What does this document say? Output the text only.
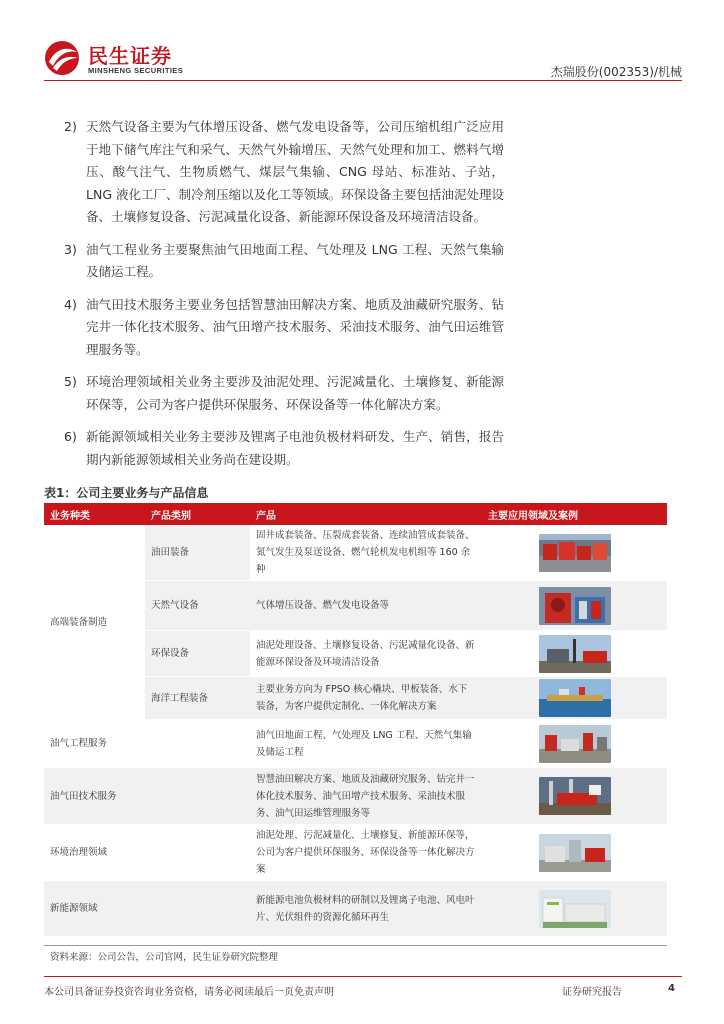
民生证券
MINSHENG SECURITIES	杰瑞股份(002353)/机械
2) 天然气设备主要为气体增压设备、燃气发电设备等，公司压缩机组广泛应用于地下储气库注气和采气、天然气外输增压、天然气处理和加工、燃料气增压、酸气注气、生物质燃气、煤层气集输、CNG 母站、标准站、子站，LNG 液化工厂、制冷剂压缩以及化工等领域。环保设备主要包括油泥处理设备、土壤修复设备、污泥减量化设备、新能源环保设备及环境清洁设备。
3) 油气工程业务主要聚焦油气田地面工程、气处理及 LNG 工程、天然气集输及储运工程。
4) 油气田技术服务主要业务包括智慧油田解决方案、地质及油藏研究服务、钻完井一体化技术服务、油气田增产技术服务、采油技术服务、油气田运维管理服务等。
5) 环境治理领域相关业务主要涉及油泥处理、污泥减量化、土壤修复、新能源环保等，公司为客户提供环保服务、环保设备等一体化解决方案。
6) 新能源领域相关业务主要涉及锂离子电池负极材料研发、生产、销售，报告期内新能源领域相关业务尚在建设期。
表1：公司主要业务与产品信息
业务种类	产品类别	产品	主要应用领域及案例
高端装备制造	油田装备	固井成套装备、压裂成套装备、连续油管成套装备、氮气发生及泵送设备、燃气轮机发电机组等 160 余种	

	天然气设备	气体增压设备、燃气发电设备等	

	环保设备	油泥处理设备、土壤修复设备、污泥减量化设备、新能源环保设备及环境清洁设备	

	海洋工程装备	主要业务方向为 FPSO 核心橇块、甲板装备、水下装备，为客户提供定制化、一体化解决方案	

油气工程服务		油气田地面工程、气处理及 LNG 工程、天然气集输及储运工程	

油气田技术服务		智慧油田解决方案、地质及油藏研究服务、钻完井一体化技术服务、油气田增产技术服务、采油技术服务、油气田运维管理服务等	

环境治理领域		油泥处理、污泥减量化、土壤修复、新能源环保等，公司为客户提供环保服务、环保设备等一体化解决方案	

新能源领域		新能源电池负极材料的研制以及锂离子电池、风电叶片、光伏组件的资源化循环再生	
资料来源：公司公告，公司官网，民生证券研究院整理
本公司具备证券投资咨询业务资格，请务必阅读最后一页免责声明	证券研究报告	4
